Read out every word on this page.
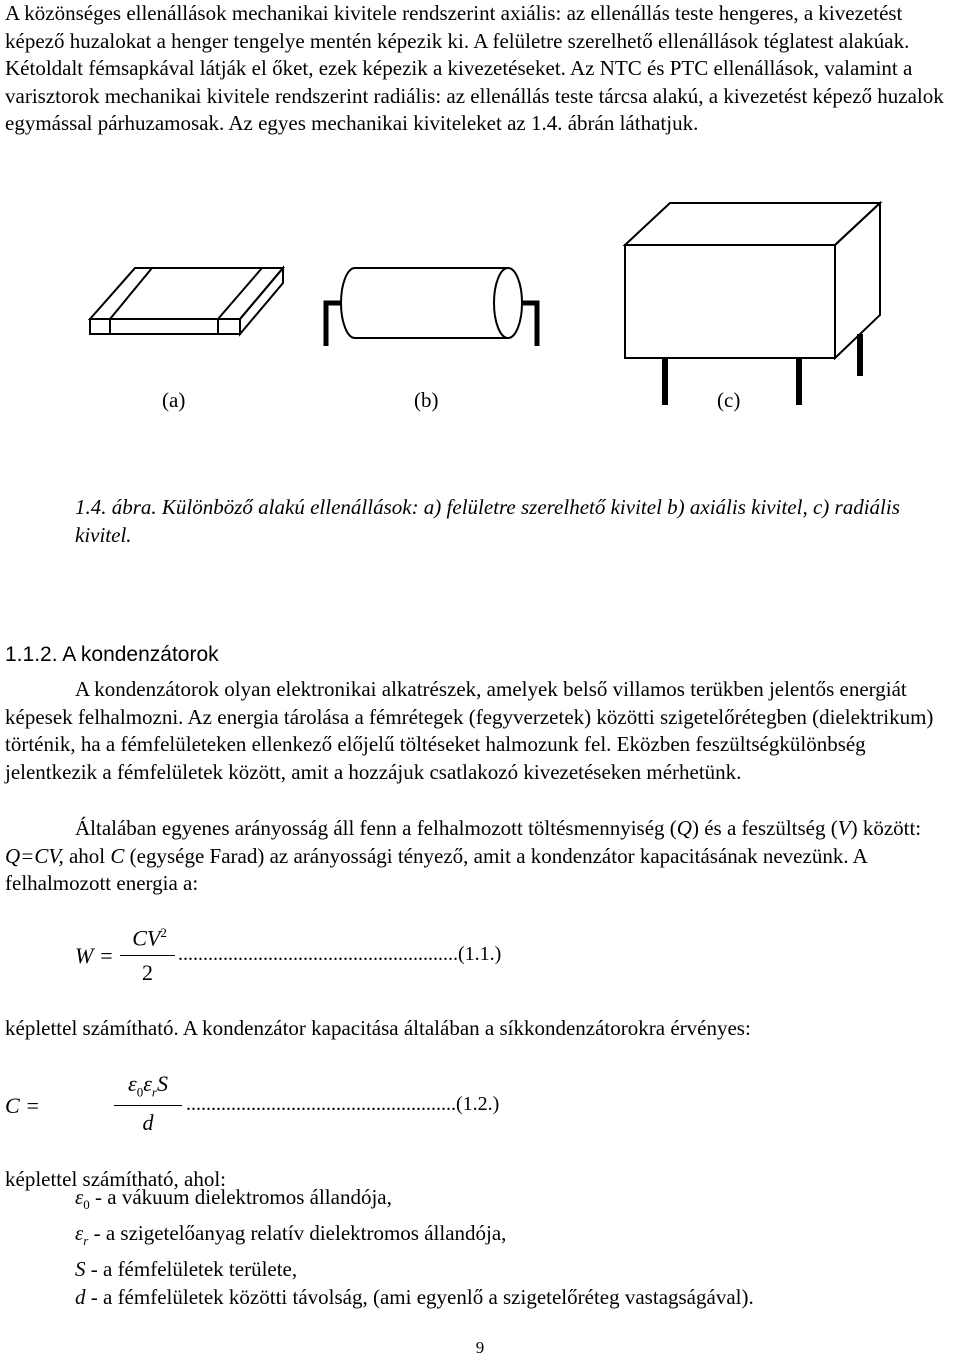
A közönséges ellenállások mechanikai kivitele rendszerint axiális: az ellenállás teste hengeres, a kivezetést képező huzalokat a henger tengelye mentén képezik ki. A felületre szerelhető ellenállások téglatest alakúak. Kétoldalt fémsapkával látják el őket, ezek képezik a kivezetéseket. Az NTC és PTC ellenállások, valamint a varisztorok mechanikai kivitele rendszerint radiális: az ellenállás teste tárcsa alakú, a kivezetést képező huzalok egymással párhuzamosak. Az egyes mechanikai kiviteleket az 1.4. ábrán láthatjuk.

(a)	(b)	(c)
1.4. ábra. Különböző alakú ellenállások: a) felületre szerelhető kivitel b) axiális kivitel, c) radiális kivitel.
1.1.2. A kondenzátorok

A kondenzátorok olyan elektronikai alkatrészek, amelyek belső villamos terükben jelentős energiát képesek felhalmozni. Az energia tárolása a fémrétegek (fegyverzetek) közötti szigetelőrétegben (dielektrikum) történik, ha a fémfelületeken ellenkező előjelű töltéseket halmozunk fel. Eközben feszültségkülönbség jelentkezik a fémfelületek között, amit a hozzájuk csatlakozó kivezetéseken mérhetünk.

Általában egyenes arányosság áll fenn a felhalmozott töltésmennyiség (Q) és a feszültség (V) között: Q=CV, ahol C (egysége Farad) az arányossági tényező, amit a kondenzátor kapacitásának nevezünk. A felhalmozott energia a:

W =
$CV^2$
2
........................................................(1.1.)

képlettel számítható. A kondenzátor kapacitása általában a síkkondenzátorokra érvényes:

C =
$\varepsilon_0\varepsilon_rS$
d
......................................................(1.2.)

képlettel számítható, ahol:

$\varepsilon_0$ - a vákuum dielektromos állandója,
$\varepsilon_r$ - a szigetelőanyag relatív dielektromos állandója,
S - a fémfelületek területe,
d - a fémfelületek közötti távolság, (ami egyenlő a szigetelőréteg vastagságával).
9
